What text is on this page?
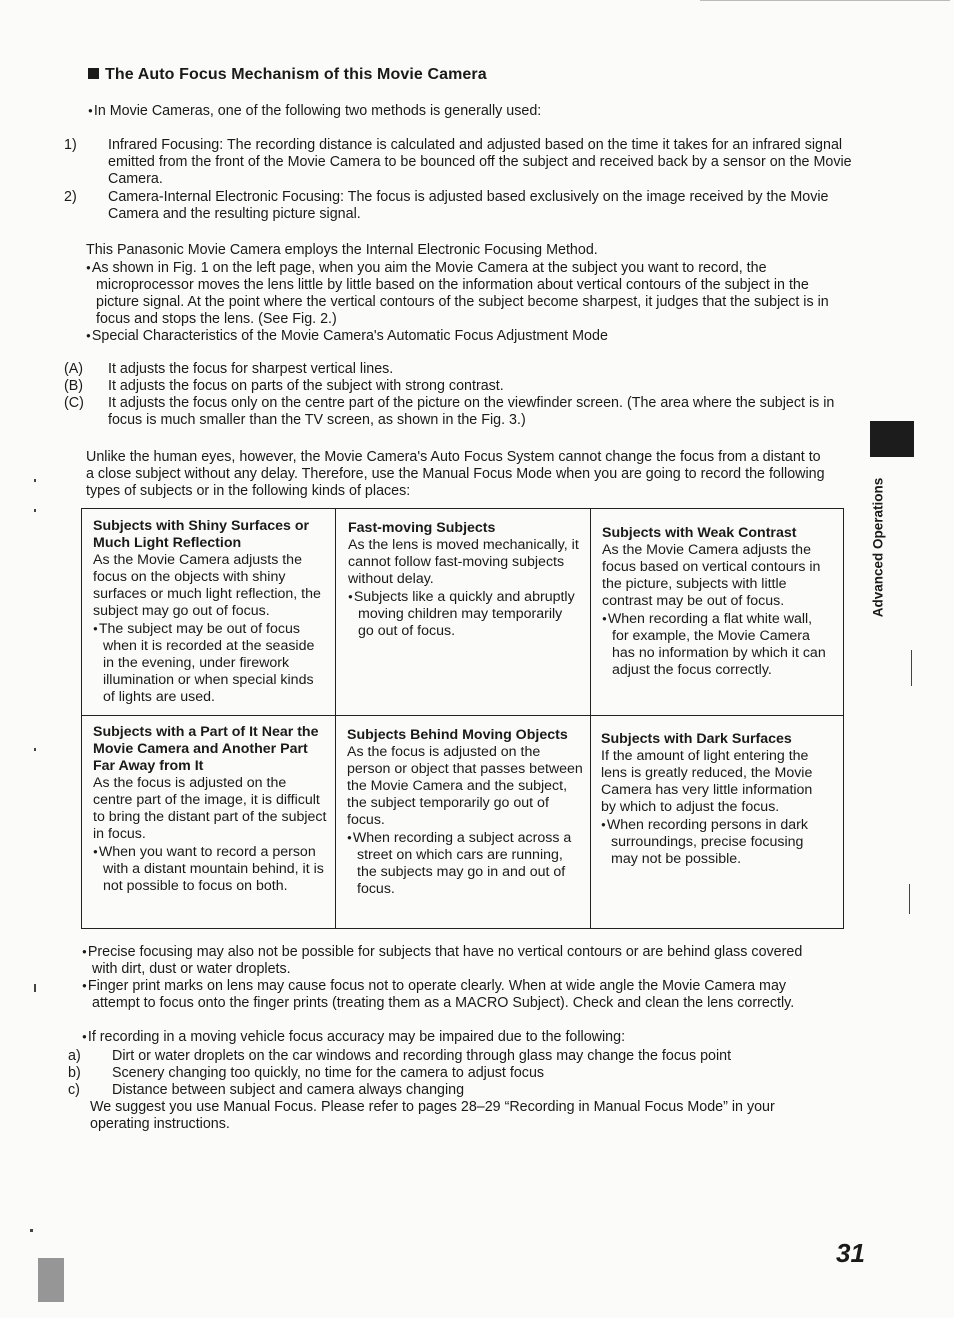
The Auto Focus Mechanism of this Movie Camera
● In Movie Cameras, one of the following two methods is generally used:
1) Infrared Focusing: The recording distance is calculated and adjusted based on the time it takes for an infrared signal emitted from the front of the Movie Camera to be bounced off the subject and received back by a sensor on the Movie Camera.
2) Camera-Internal Electronic Focusing: The focus is adjusted based exclusively on the image received by the Movie Camera and the resulting picture signal.
This Panasonic Movie Camera employs the Internal Electronic Focusing Method.
● As shown in Fig. 1 on the left page, when you aim the Movie Camera at the subject you want to record, the microprocessor moves the lens little by little based on the information about vertical contours of the subject in the picture signal. At the point where the vertical contours of the subject become sharpest, it judges that the subject is in focus and stops the lens. (See Fig. 2.)
● Special Characteristics of the Movie Camera's Automatic Focus Adjustment Mode
(A) It adjusts the focus for sharpest vertical lines.
(B) It adjusts the focus on parts of the subject with strong contrast.
(C) It adjusts the focus only on the centre part of the picture on the viewfinder screen. (The area where the subject is in focus is much smaller than the TV screen, as shown in the Fig. 3.)
Unlike the human eyes, however, the Movie Camera's Auto Focus System cannot change the focus from a distant to a close subject without any delay. Therefore, use the Manual Focus Mode when you are going to record the following types of subjects or in the following kinds of places:
Subjects with Shiny Surfaces or Much Light Reflection
As the Movie Camera adjusts the focus on the objects with shiny surfaces or much light reflection, the subject may go out of focus.
● The subject may be out of focus when it is recorded at the seaside in the evening, under firework illumination or when special kinds of lights are used.
Fast-moving Subjects
As the lens is moved mechanically, it cannot follow fast-moving subjects without delay.
● Subjects like a quickly and abruptly moving children may temporarily go out of focus.
Subjects with Weak Contrast
As the Movie Camera adjusts the focus based on vertical contours in the picture, subjects with little contrast may be out of focus.
● When recording a flat white wall, for example, the Movie Camera has no information by which it can adjust the focus correctly.
Subjects with a Part of It Near the Movie Camera and Another Part Far Away from It
As the focus is adjusted on the centre part of the image, it is difficult to bring the distant part of the subject in focus.
● When you want to record a person with a distant mountain behind, it is not possible to focus on both.
Subjects Behind Moving Objects
As the focus is adjusted on the person or object that passes between the Movie Camera and the subject, the subject temporarily go out of focus.
● When recording a subject across a street on which cars are running, the subjects may go in and out of focus.
Subjects with Dark Surfaces
If the amount of light entering the lens is greatly reduced, the Movie Camera has very little information by which to adjust the focus.
● When recording persons in dark surroundings, precise focusing may not be possible.
● Precise focusing may also not be possible for subjects that have no vertical contours or are behind glass covered with dirt, dust or water droplets.
● Finger print marks on lens may cause focus not to operate clearly. When at wide angle the Movie Camera may attempt to focus onto the finger prints (treating them as a MACRO Subject). Check and clean the lens correctly.
● If recording in a moving vehicle focus accuracy may be impaired due to the following:
a) Dirt or water droplets on the car windows and recording through glass may change the focus point
b) Scenery changing too quickly, no time for the camera to adjust focus
c) Distance between subject and camera always changing
We suggest you use Manual Focus. Please refer to pages 28–29 “Recording in Manual Focus Mode” in your operating instructions.
Advanced Operations
31
